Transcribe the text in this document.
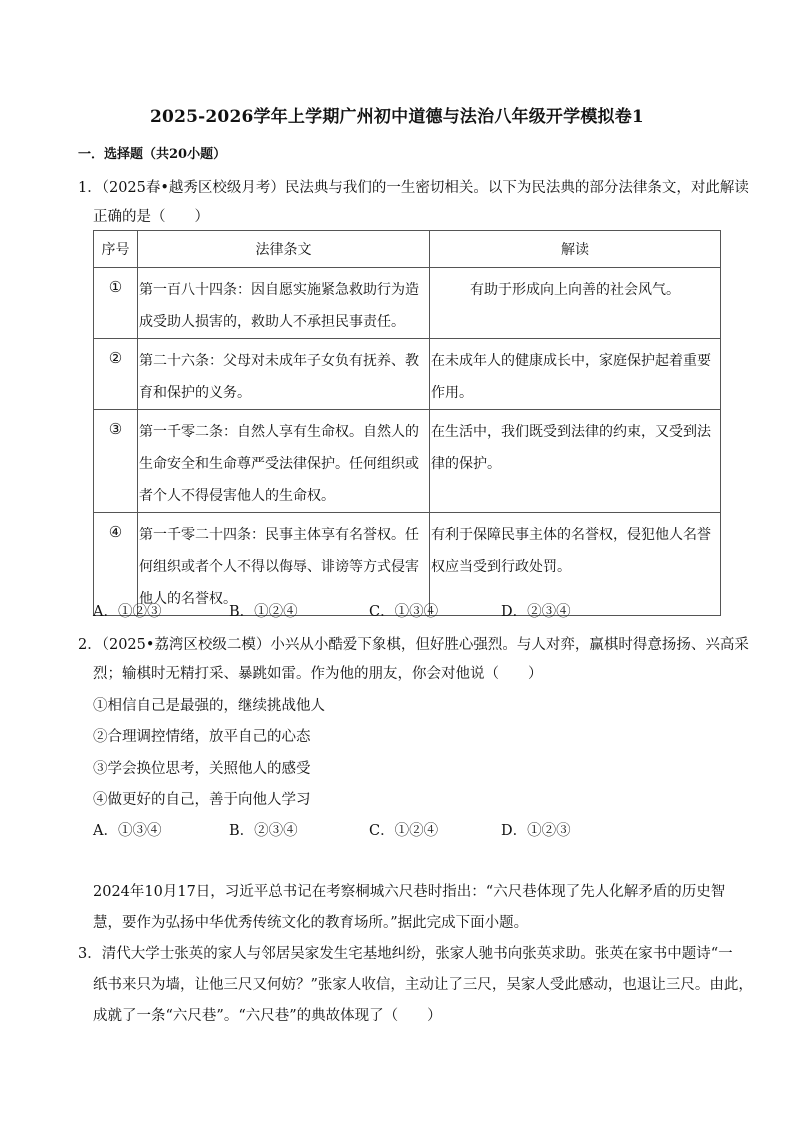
2025-2026学年上学期广州初中道德与法治八年级开学模拟卷1
一．选择题（共20小题）
1．（2025春•越秀区校级月考）民法典与我们的一生密切相关。以下为民法典的部分法律条文，对此解读
正确的是（　　）
序号	法律条文	解读
①	第一百八十四条：因自愿实施紧急救助行为造成受助人损害的，救助人不承担民事责任。	有助于形成向上向善的社会风气。
②	第二十六条：父母对未成年子女负有抚养、教育和保护的义务。	在未成年人的健康成长中，家庭保护起着重要作用。
③	第一千零二条：自然人享有生命权。自然人的生命安全和生命尊严受法律保护。任何组织或者个人不得侵害他人的生命权。	在生活中，我们既受到法律的约束，又受到法律的保护。
④	第一千零二十四条：民事主体享有名誉权。任何组织或者个人不得以侮辱、诽谤等方式侵害他人的名誉权。	有利于保障民事主体的名誉权，侵犯他人名誉权应当受到行政处罚。
A．①②③	B．①②④	C．①③④	D．②③④
2．（2025•荔湾区校级二模）小兴从小酷爱下象棋，但好胜心强烈。与人对弈，赢棋时得意扬扬、兴高采
烈；输棋时无精打采、暴跳如雷。作为他的朋友，你会对他说（　　）
①相信自己是最强的，继续挑战他人
②合理调控情绪，放平自己的心态
③学会换位思考，关照他人的感受
④做更好的自己，善于向他人学习
A．①③④	B．②③④	C．①②④	D．①②③
2024年10月17日，习近平总书记在考察桐城六尺巷时指出：“六尺巷体现了先人化解矛盾的历史智
慧，要作为弘扬中华优秀传统文化的教育场所。”据此完成下面小题。
3．清代大学士张英的家人与邻居吴家发生宅基地纠纷，张家人驰书向张英求助。张英在家书中题诗“一
纸书来只为墙，让他三尺又何妨？”张家人收信，主动让了三尺，吴家人受此感动，也退让三尺。由此，
成就了一条“六尺巷”。“六尺巷”的典故体现了（　　）
